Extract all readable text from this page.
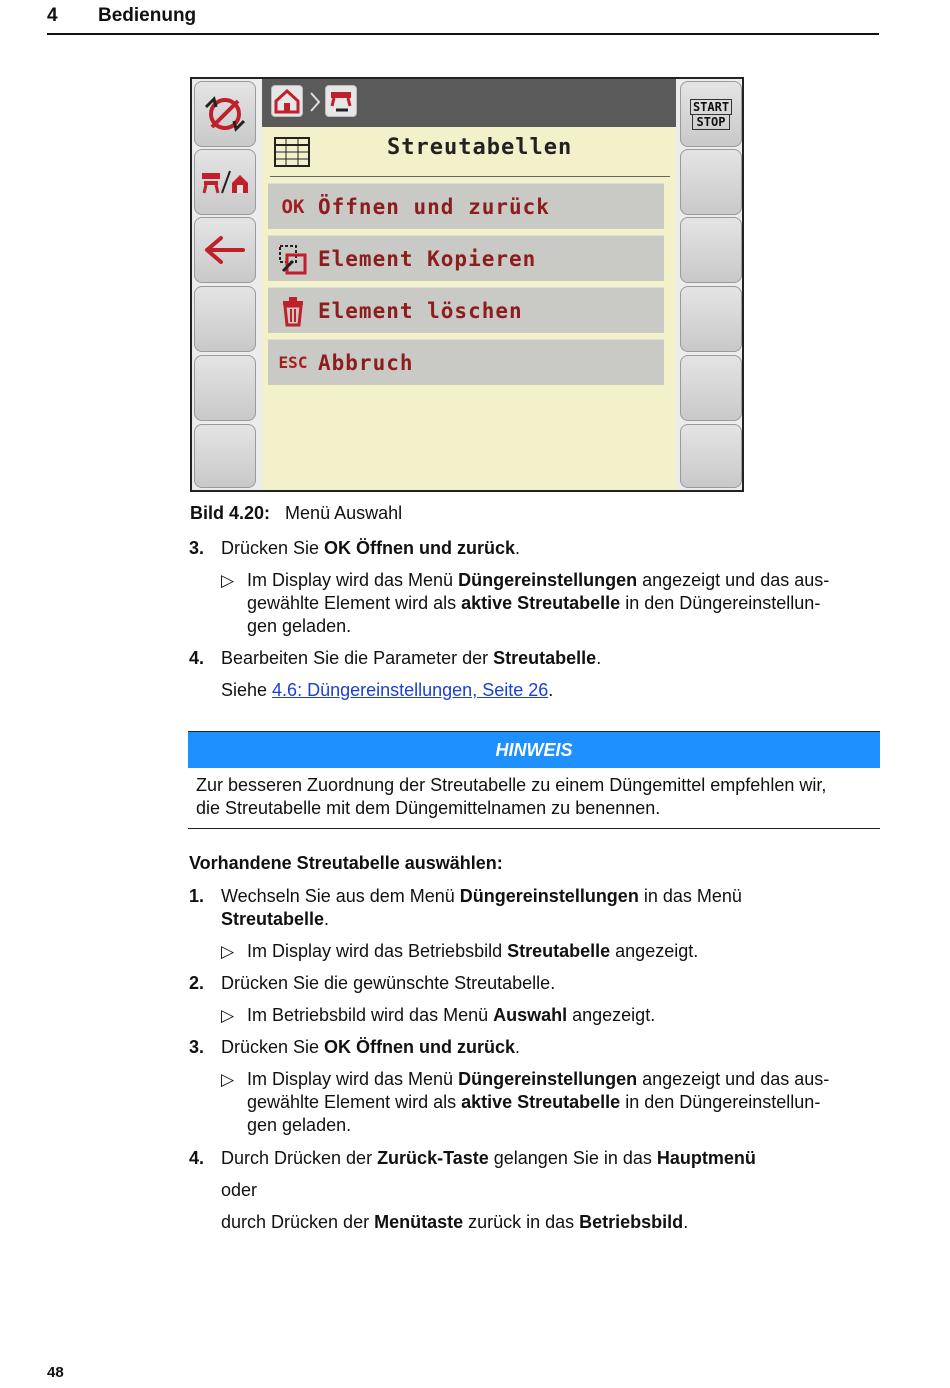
4 Bedienung
Streutabellen
OK Öffnen und zurück
Element Kopieren
Element löschen
ESC Abbruch
START
STOP
Bild 4.20: Menü Auswahl
3. Drücken Sie OK Öffnen und zurück.
▷ Im Display wird das Menü Düngereinstellungen angezeigt und das aus-
gewählte Element wird als aktive Streutabelle in den Düngereinstellun-
gen geladen.
4. Bearbeiten Sie die Parameter der Streutabelle.
Siehe 4.6: Düngereinstellungen, Seite 26.
HINWEIS
Zur besseren Zuordnung der Streutabelle zu einem Düngemittel empfehlen wir,
die Streutabelle mit dem Düngemittelnamen zu benennen.
Vorhandene Streutabelle auswählen:
1. Wechseln Sie aus dem Menü Düngereinstellungen in das Menü
Streutabelle.
▷ Im Display wird das Betriebsbild Streutabelle angezeigt.
2. Drücken Sie die gewünschte Streutabelle.
▷ Im Betriebsbild wird das Menü Auswahl angezeigt.
3. Drücken Sie OK Öffnen und zurück.
▷ Im Display wird das Menü Düngereinstellungen angezeigt und das aus-
gewählte Element wird als aktive Streutabelle in den Düngereinstellun-
gen geladen.
4. Durch Drücken der Zurück-Taste gelangen Sie in das Hauptmenü
oder
durch Drücken der Menütaste zurück in das Betriebsbild.
48
